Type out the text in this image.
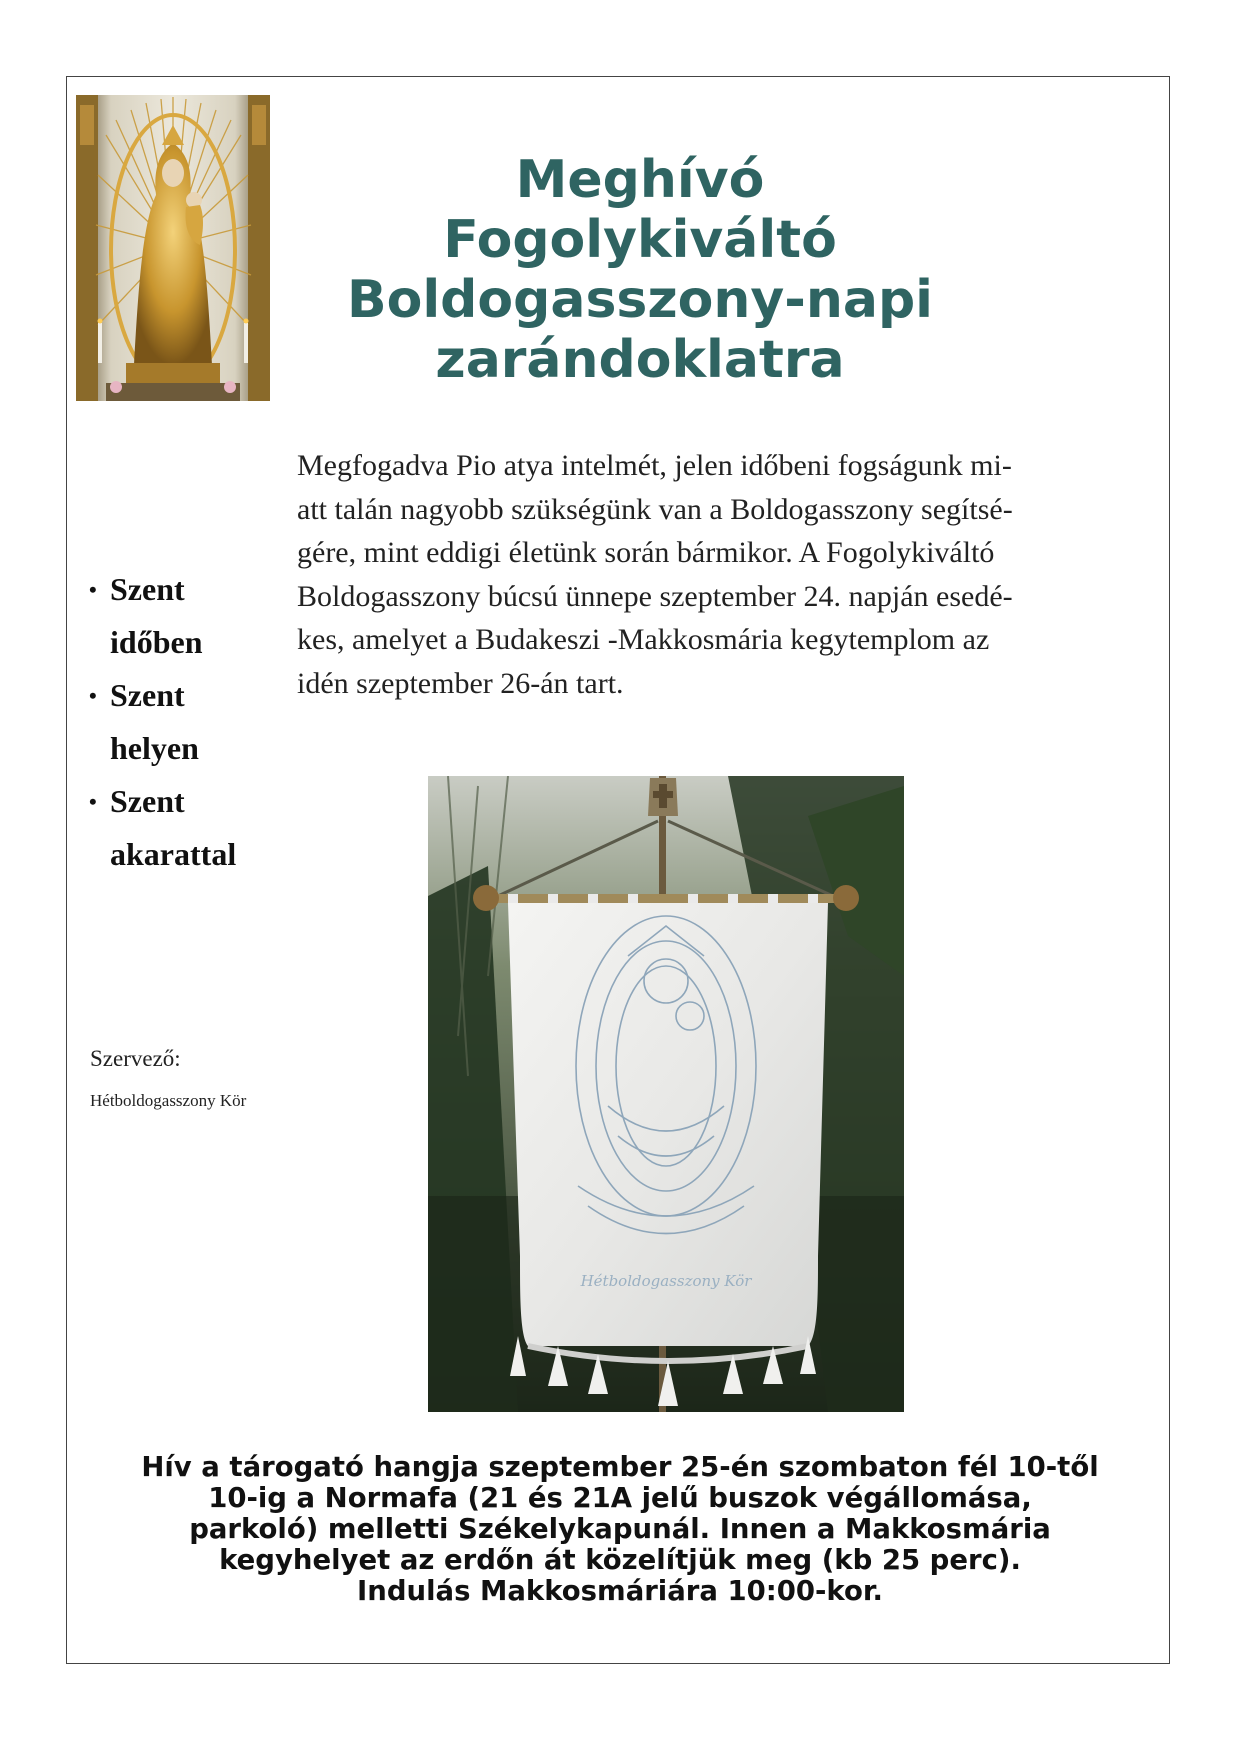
Meghívó
Fogolykiváltó
Boldogasszony-napi
zarándoklatra

Megfogadva Pio atya intelmét, jelen időbeni fogságunk mi-
att talán nagyobb szükségünk van a Boldogasszony segítsé-
gére, mint eddigi életünk során bármikor. A Fogolykiváltó
Boldogasszony búcsú ünnepe szeptember 24. napján esedé-
kes, amelyet a Budakeszi -Makkosmária kegytemplom az
idén szeptember 26-án tart.

• Szent
időben
• Szent
helyen
• Szent
akarattal

Szervező:

Hétboldogasszony Kör

Hétboldogasszony Kör

Hív a tárogató hangja szeptember 25-én szombaton fél 10-től
10-ig a Normafa (21 és 21A jelű buszok végállomása,
parkoló) melletti Székelykapunál. Innen a Makkosmária
kegyhelyet az erdőn át közelítjük meg (kb 25 perc).
Indulás Makkosmáriára 10:00-kor.
